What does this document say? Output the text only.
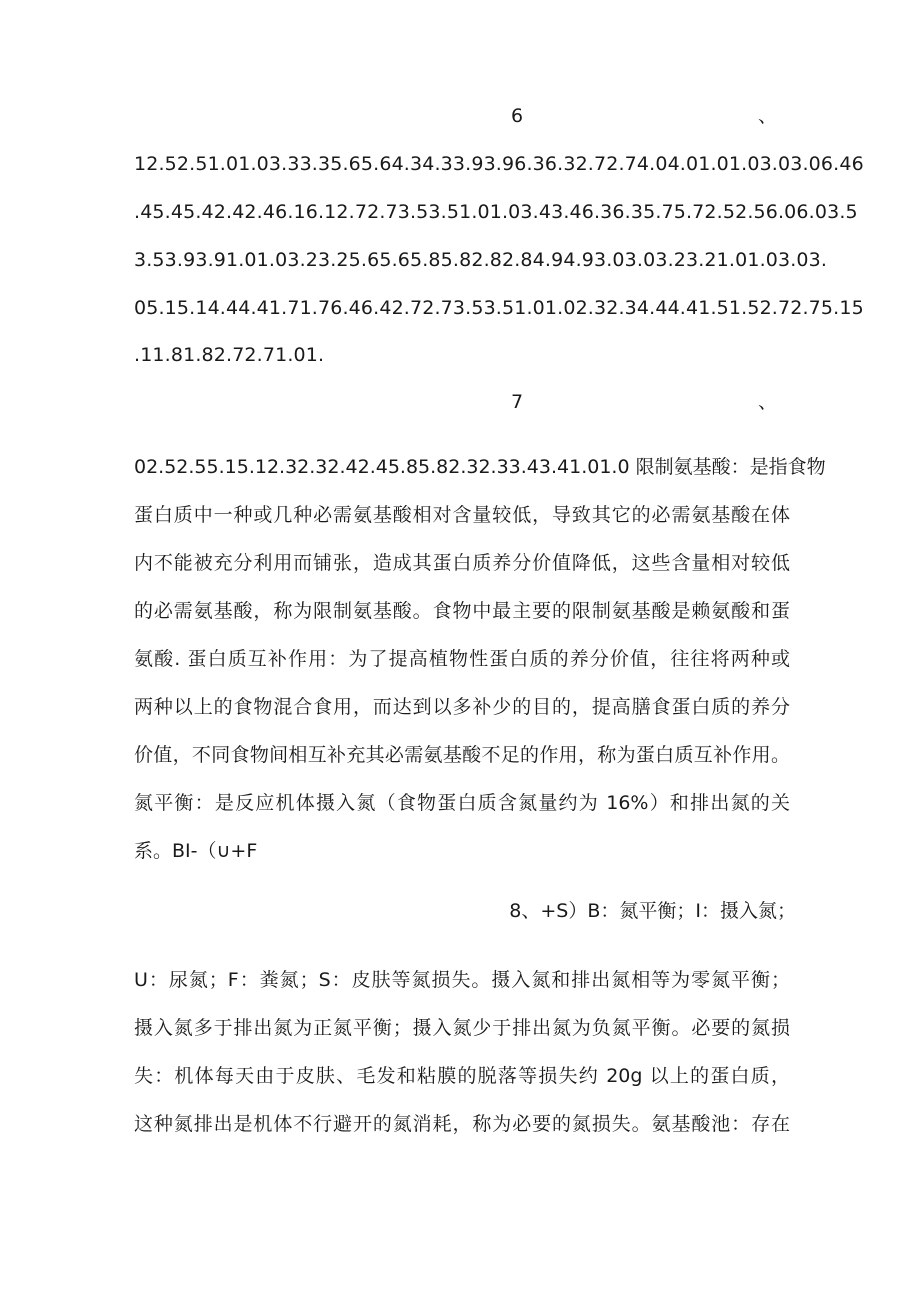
6	、
12.52.51.01.03.33.35.65.64.34.33.93.96.36.32.72.74.04.01.01.03.03.06.46
.45.45.42.42.46.16.12.72.73.53.51.01.03.43.46.36.35.75.72.52.56.06.03.5
3.53.93.91.01.03.23.25.65.65.85.82.82.84.94.93.03.03.23.21.01.03.03.
05.15.14.44.41.71.76.46.42.72.73.53.51.01.02.32.34.44.41.51.52.72.75.15
.11.81.82.72.71.01.
7	、
02.52.55.15.12.32.32.42.45.85.82.32.33.43.41.01.0 限制氨基酸：是指食物
蛋白质中一种或几种必需氨基酸相对含量较低，导致其它的必需氨基酸在体
内不能被充分利用而铺张，造成其蛋白质养分价值降低，这些含量相对较低
的必需氨基酸，称为限制氨基酸。食物中最主要的限制氨基酸是赖氨酸和蛋
氨酸. 蛋白质互补作用：为了提高植物性蛋白质的养分价值，往往将两种或
两种以上的食物混合食用，而达到以多补少的目的，提高膳食蛋白质的养分
价值，不同食物间相互补充其必需氨基酸不足的作用，称为蛋白质互补作用。
氮平衡：是反应机体摄入氮（食物蛋白质含氮量约为 16%）和排出氮的关
系。BI-（∪+F
8、+S）B：氮平衡；I：摄入氮；
U：尿氮；F：粪氮；S：皮肤等氮损失。摄入氮和排出氮相等为零氮平衡；
摄入氮多于排出氮为正氮平衡；摄入氮少于排出氮为负氮平衡。必要的氮损
失：机体每天由于皮肤、毛发和粘膜的脱落等损失约 20g 以上的蛋白质，
这种氮排出是机体不行避开的氮消耗，称为必要的氮损失。氨基酸池：存在
